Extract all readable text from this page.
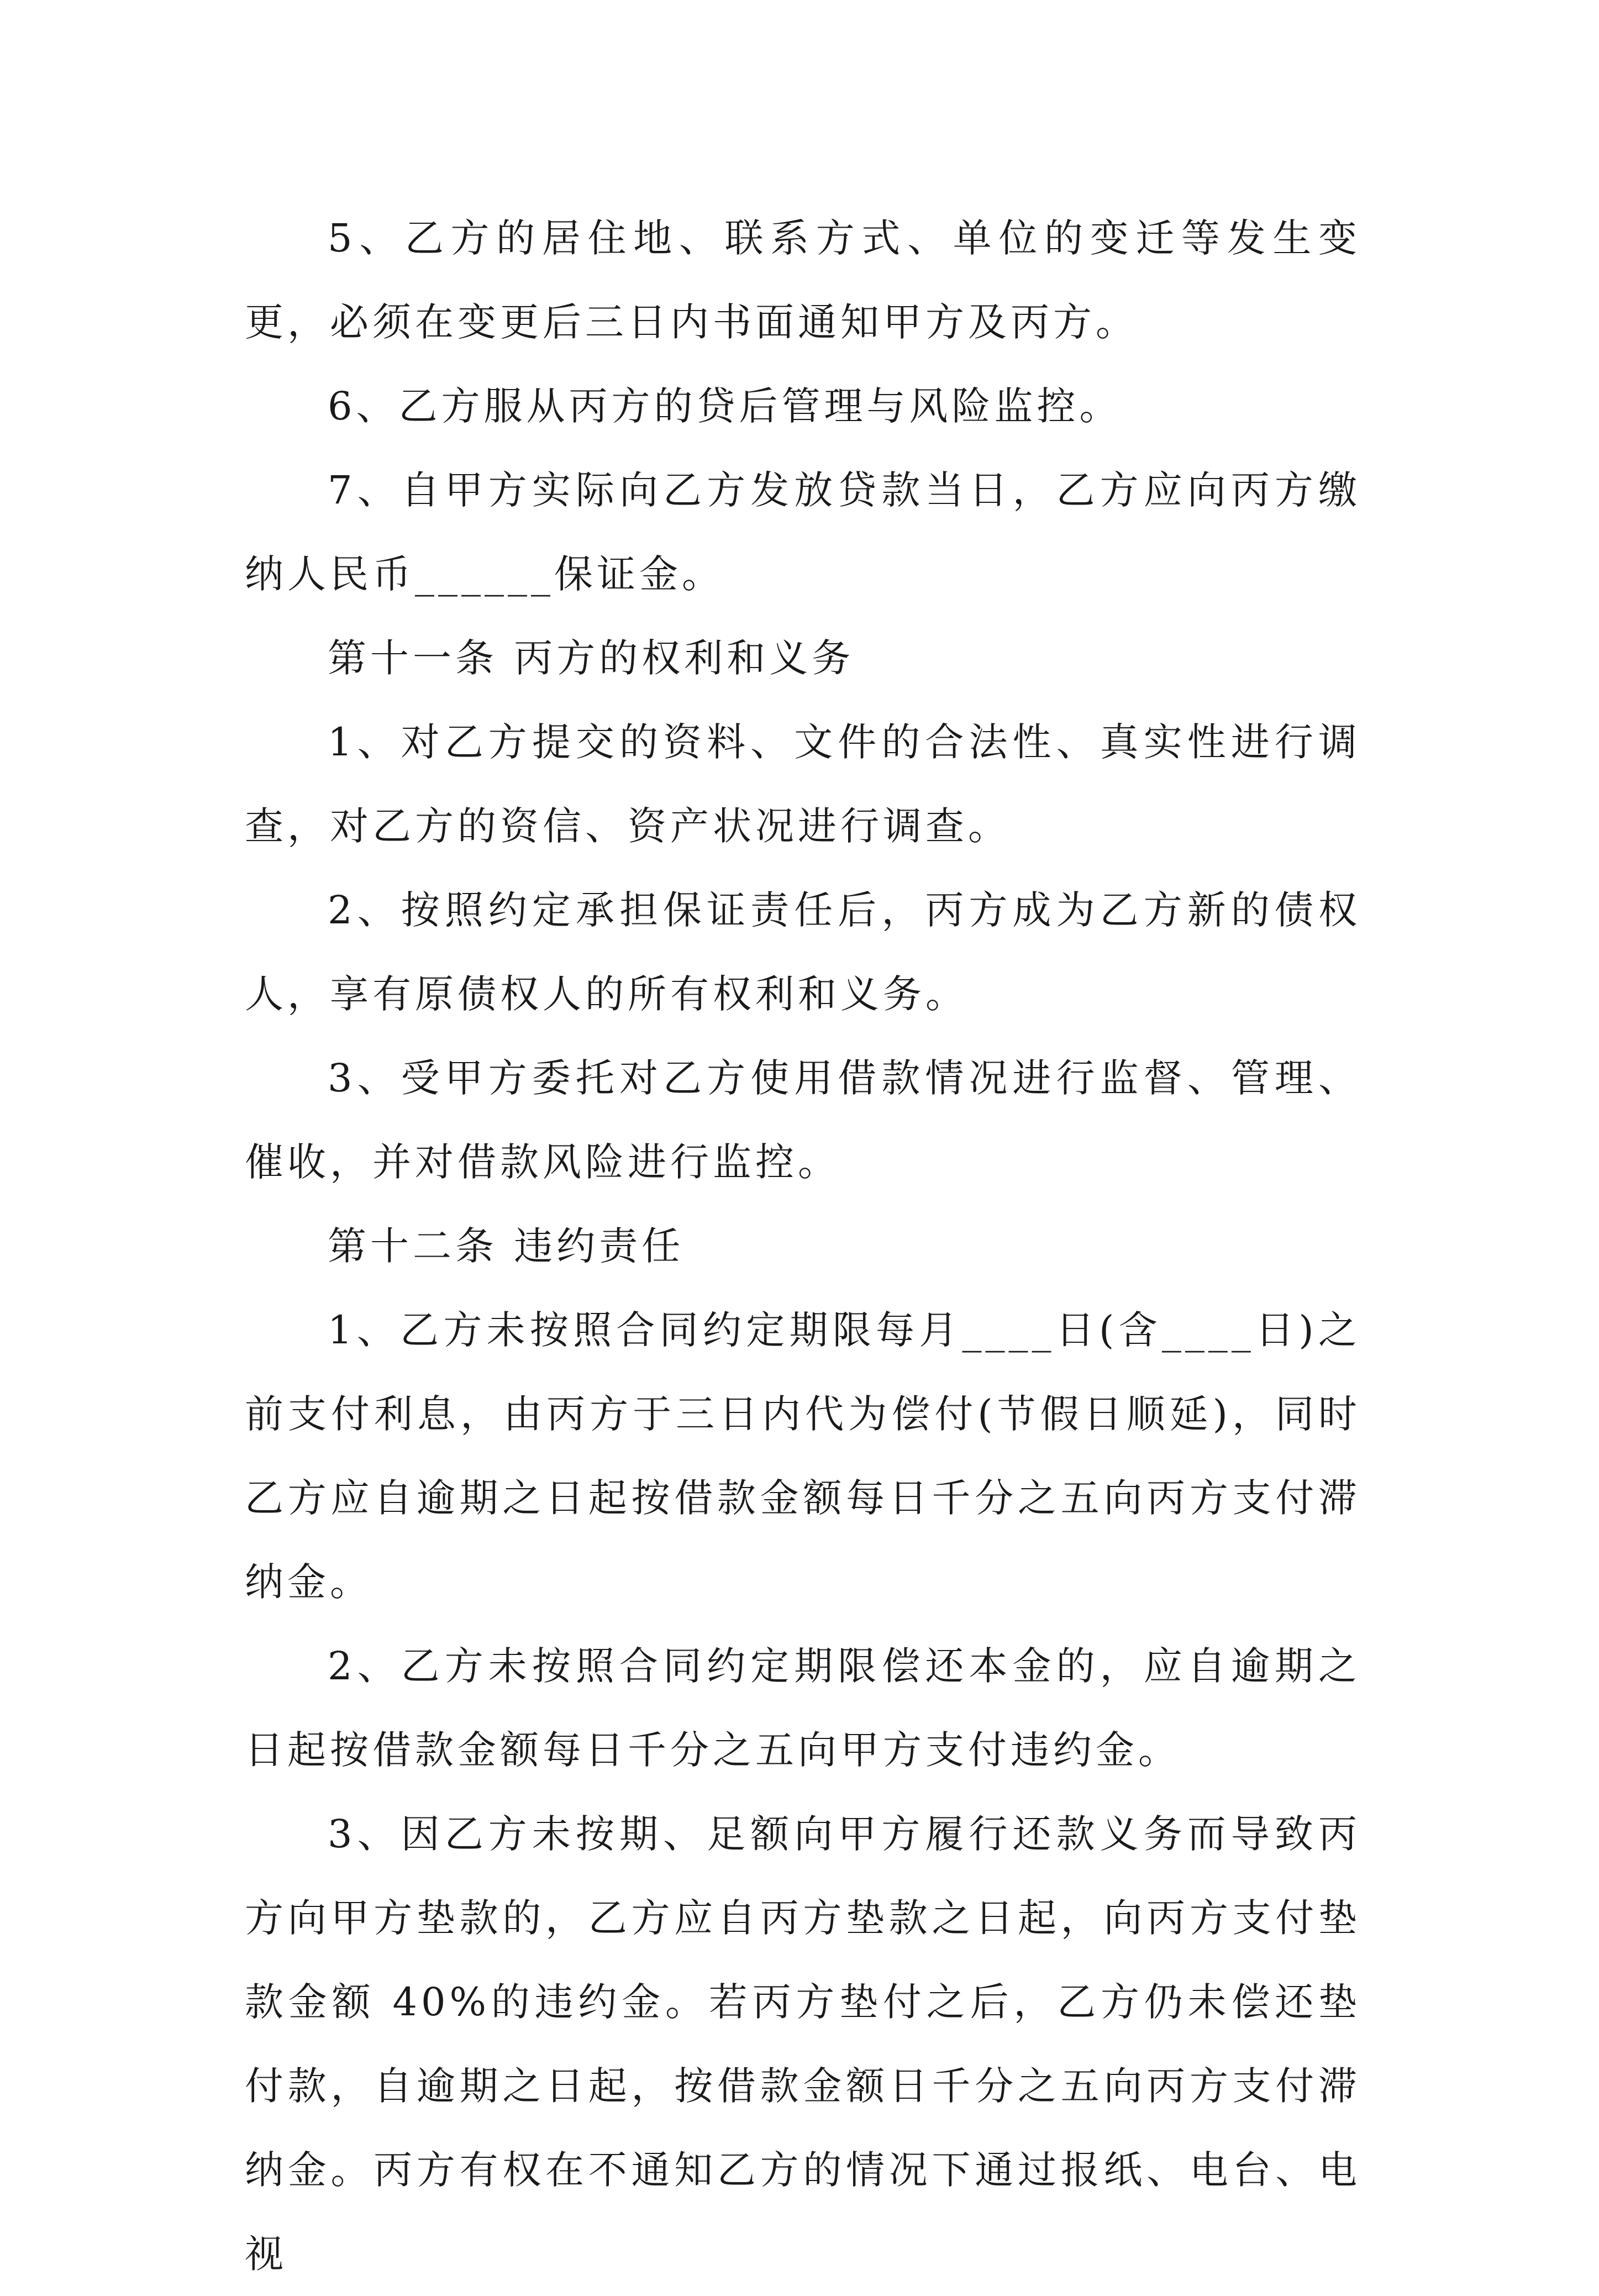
5、乙方的居住地、联系方式、单位的变迁等发生变更，必须在变更后三日内书面通知甲方及丙方。

6、乙方服从丙方的贷后管理与风险监控。

7、自甲方实际向乙方发放贷款当日，乙方应向丙方缴纳人民币______保证金。

第十一条 丙方的权利和义务

1、对乙方提交的资料、文件的合法性、真实性进行调查，对乙方的资信、资产状况进行调查。

2、按照约定承担保证责任后，丙方成为乙方新的债权人，享有原债权人的所有权利和义务。

3、受甲方委托对乙方使用借款情况进行监督、管理、催收，并对借款风险进行监控。

第十二条 违约责任

1、乙方未按照合同约定期限每月____日(含____日)之前支付利息，由丙方于三日内代为偿付(节假日顺延)，同时乙方应自逾期之日起按借款金额每日千分之五向丙方支付滞纳金。

2、乙方未按照合同约定期限偿还本金的，应自逾期之日起按借款金额每日千分之五向甲方支付违约金。

3、因乙方未按期、足额向甲方履行还款义务而导致丙方向甲方垫款的，乙方应自丙方垫款之日起，向丙方支付垫款金额 40%的违约金。若丙方垫付之后，乙方仍未偿还垫付款，自逾期之日起，按借款金额日千分之五向丙方支付滞纳金。丙方有权在不通知乙方的情况下通过报纸、电台、电视
